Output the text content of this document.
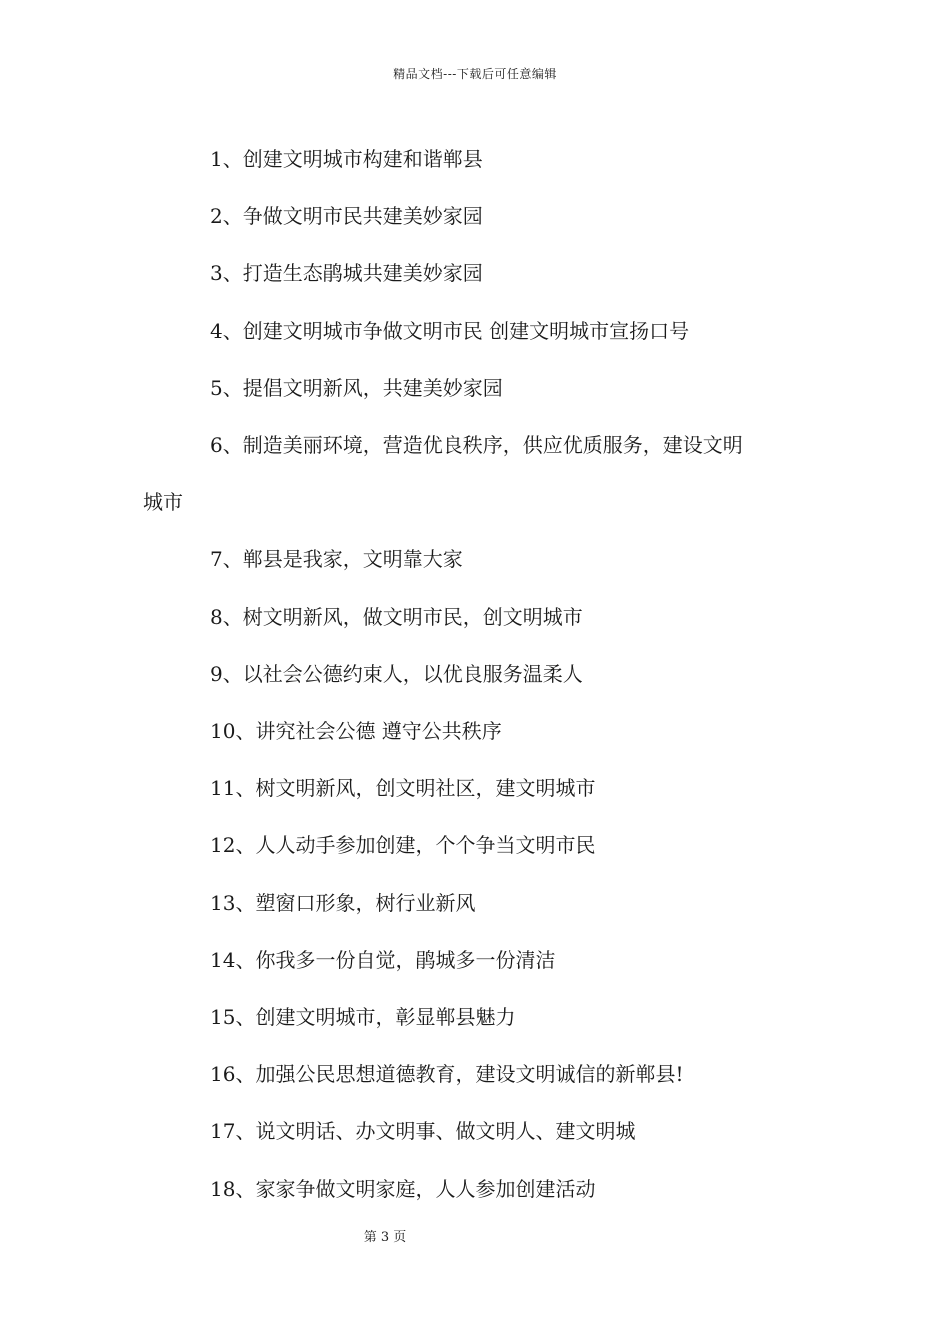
精品文档---下载后可任意编辑

1、创建文明城市构建和谐郸县

2、争做文明市民共建美妙家园

3、打造生态鹃城共建美妙家园

4、创建文明城市争做文明市民 创建文明城市宣扬口号

5、提倡文明新风，共建美妙家园

6、制造美丽环境，营造优良秩序，供应优质服务，建设文明
城市

7、郸县是我家，文明靠大家

8、树文明新风，做文明市民，创文明城市

9、以社会公德约束人，以优良服务温柔人

10、讲究社会公德 遵守公共秩序

11、树文明新风，创文明社区，建文明城市

12、人人动手参加创建，个个争当文明市民

13、塑窗口形象，树行业新风

14、你我多一份自觉，鹃城多一份清洁

15、创建文明城市，彰显郸县魅力

16、加强公民思想道德教育，建设文明诚信的新郸县!

17、说文明话、办文明事、做文明人、建文明城

18、家家争做文明家庭，人人参加创建活动

第 3 页
